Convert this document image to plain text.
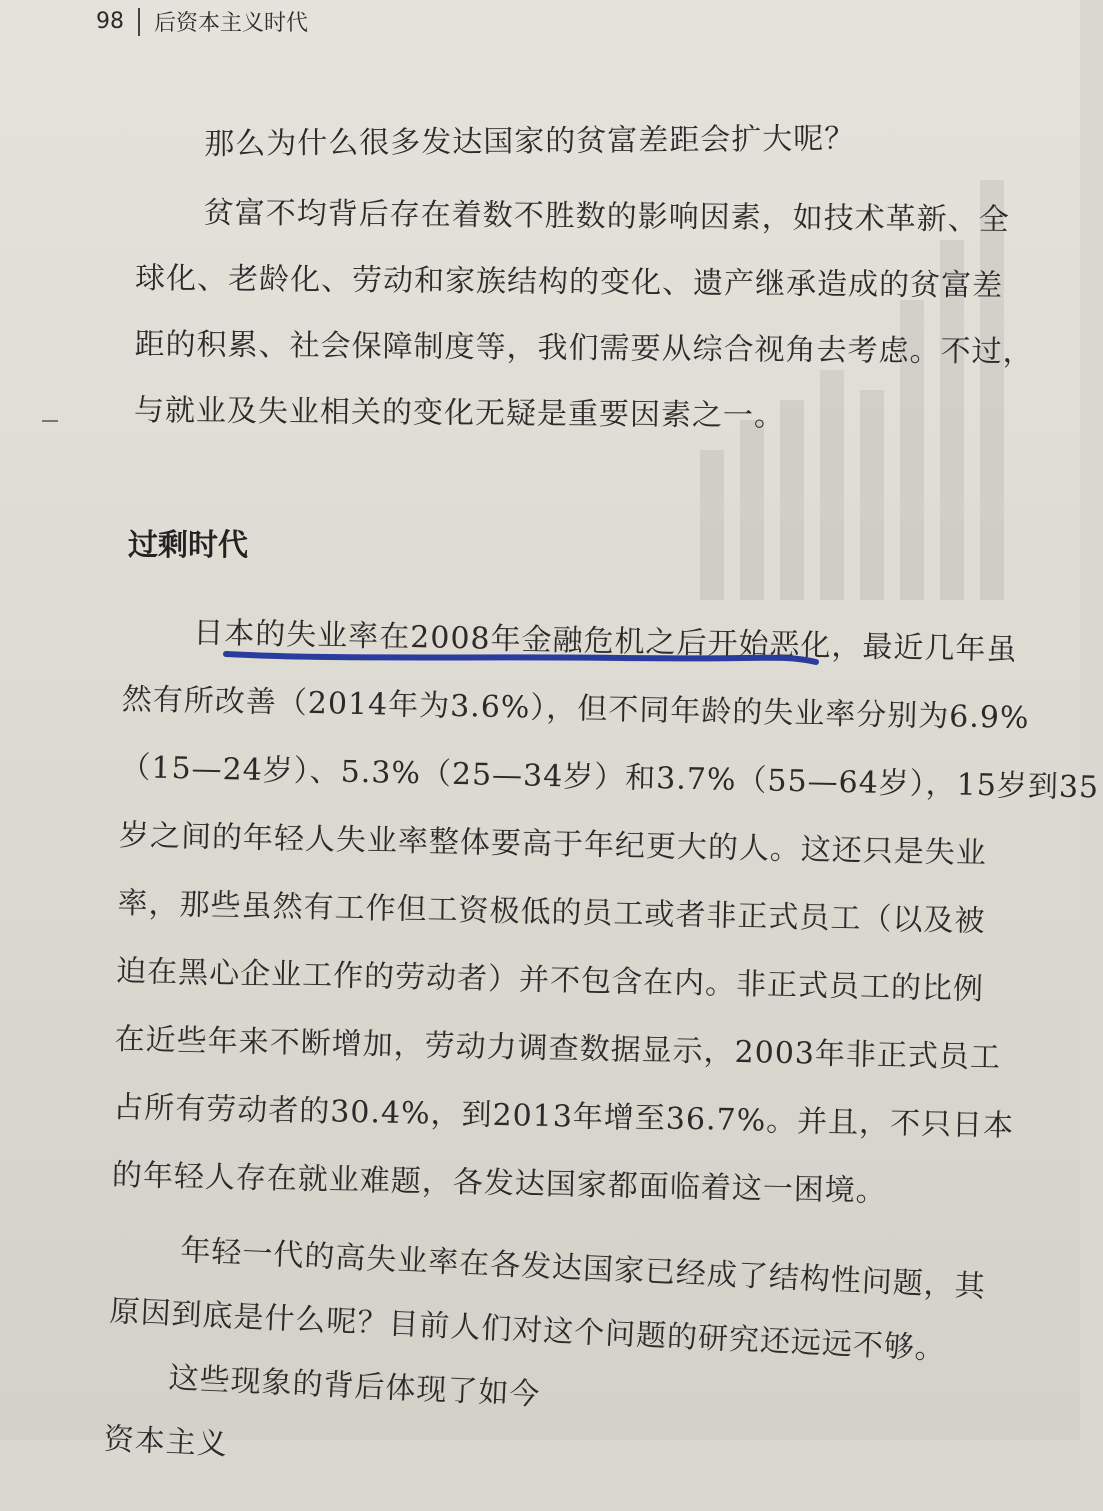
98 后资本主义时代
那么为什么很多发达国家的贫富差距会扩大呢？
贫富不均背后存在着数不胜数的影响因素，如技术革新、全
球化、老龄化、劳动和家族结构的变化、遗产继承造成的贫富差
距的积累、社会保障制度等，我们需要从综合视角去考虑。不过，
与就业及失业相关的变化无疑是重要因素之一。
过剩时代
日本的失业率在2008年金融危机之后开始恶化，最近几年虽
然有所改善（2014年为3.6%），但不同年龄的失业率分别为6.9%
（15—24岁）、5.3%（25—34岁）和3.7%（55—64岁），15岁到35
岁之间的年轻人失业率整体要高于年纪更大的人。这还只是失业
率，那些虽然有工作但工资极低的员工或者非正式员工（以及被
迫在黑心企业工作的劳动者）并不包含在内。非正式员工的比例
在近些年来不断增加，劳动力调查数据显示，2003年非正式员工
占所有劳动者的30.4%，到2013年增至36.7%。并且，不只日本
的年轻人存在就业难题，各发达国家都面临着这一困境。
年轻一代的高失业率在各发达国家已经成了结构性问题，其
原因到底是什么呢？目前人们对这个问题的研究还远远不够。
这些现象的背后体现了如今
资本主义
